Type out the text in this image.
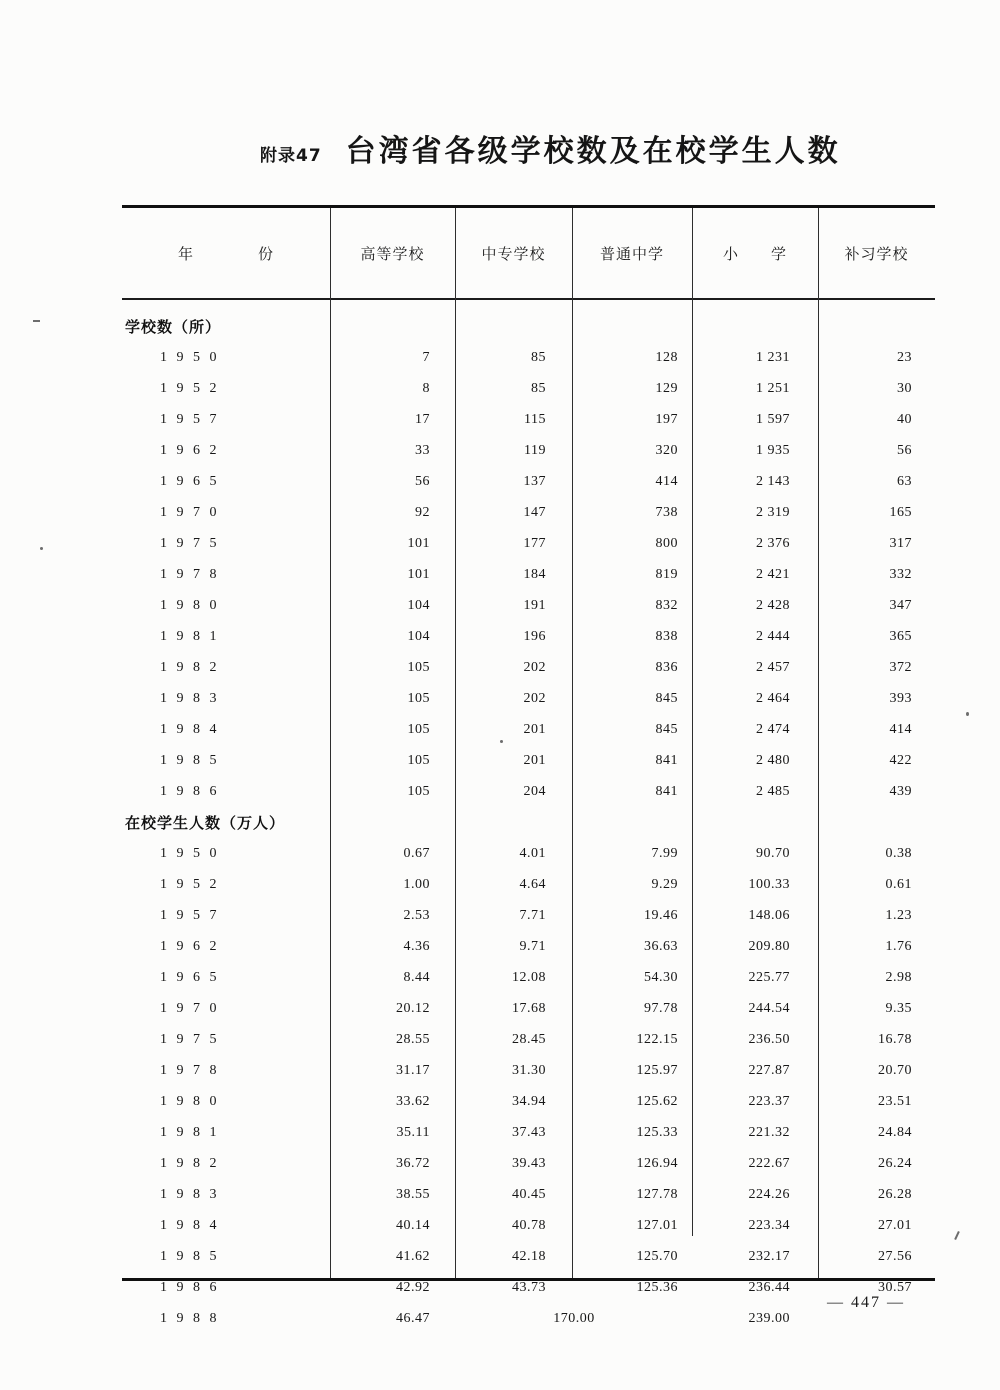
附录47 台湾省各级学校数及在校学生人数
年　　　　份	高等学校	中专学校	普通中学	小　　学	补习学校
学校数（所）					
1 9 5 0	7	85	128	1 231	23
1 9 5 2	8	85	129	1 251	30
1 9 5 7	17	115	197	1 597	40
1 9 6 2	33	119	320	1 935	56
1 9 6 5	56	137	414	2 143	63
1 9 7 0	92	147	738	2 319	165
1 9 7 5	101	177	800	2 376	317
1 9 7 8	101	184	819	2 421	332
1 9 8 0	104	191	832	2 428	347
1 9 8 1	104	196	838	2 444	365
1 9 8 2	105	202	836	2 457	372
1 9 8 3	105	202	845	2 464	393
1 9 8 4	105	201	845	2 474	414
1 9 8 5	105	201	841	2 480	422
1 9 8 6	105	204	841	2 485	439
在校学生人数（万人）					
1 9 5 0	0.67	4.01	7.99	90.70	0.38
1 9 5 2	1.00	4.64	9.29	100.33	0.61
1 9 5 7	2.53	7.71	19.46	148.06	1.23
1 9 6 2	4.36	9.71	36.63	209.80	1.76
1 9 6 5	8.44	12.08	54.30	225.77	2.98
1 9 7 0	20.12	17.68	97.78	244.54	9.35
1 9 7 5	28.55	28.45	122.15	236.50	16.78
1 9 7 8	31.17	31.30	125.97	227.87	20.70
1 9 8 0	33.62	34.94	125.62	223.37	23.51
1 9 8 1	35.11	37.43	125.33	221.32	24.84
1 9 8 2	36.72	39.43	126.94	222.67	26.24
1 9 8 3	38.55	40.45	127.78	224.26	26.28
1 9 8 4	40.14	40.78	127.01	223.34	27.01
1 9 8 5	41.62	42.18	125.70	232.17	27.56
1 9 8 6	42.92	43.73	125.36	236.44	30.57
1 9 8 8	46.47	170.00		239.00	
— 447 —
